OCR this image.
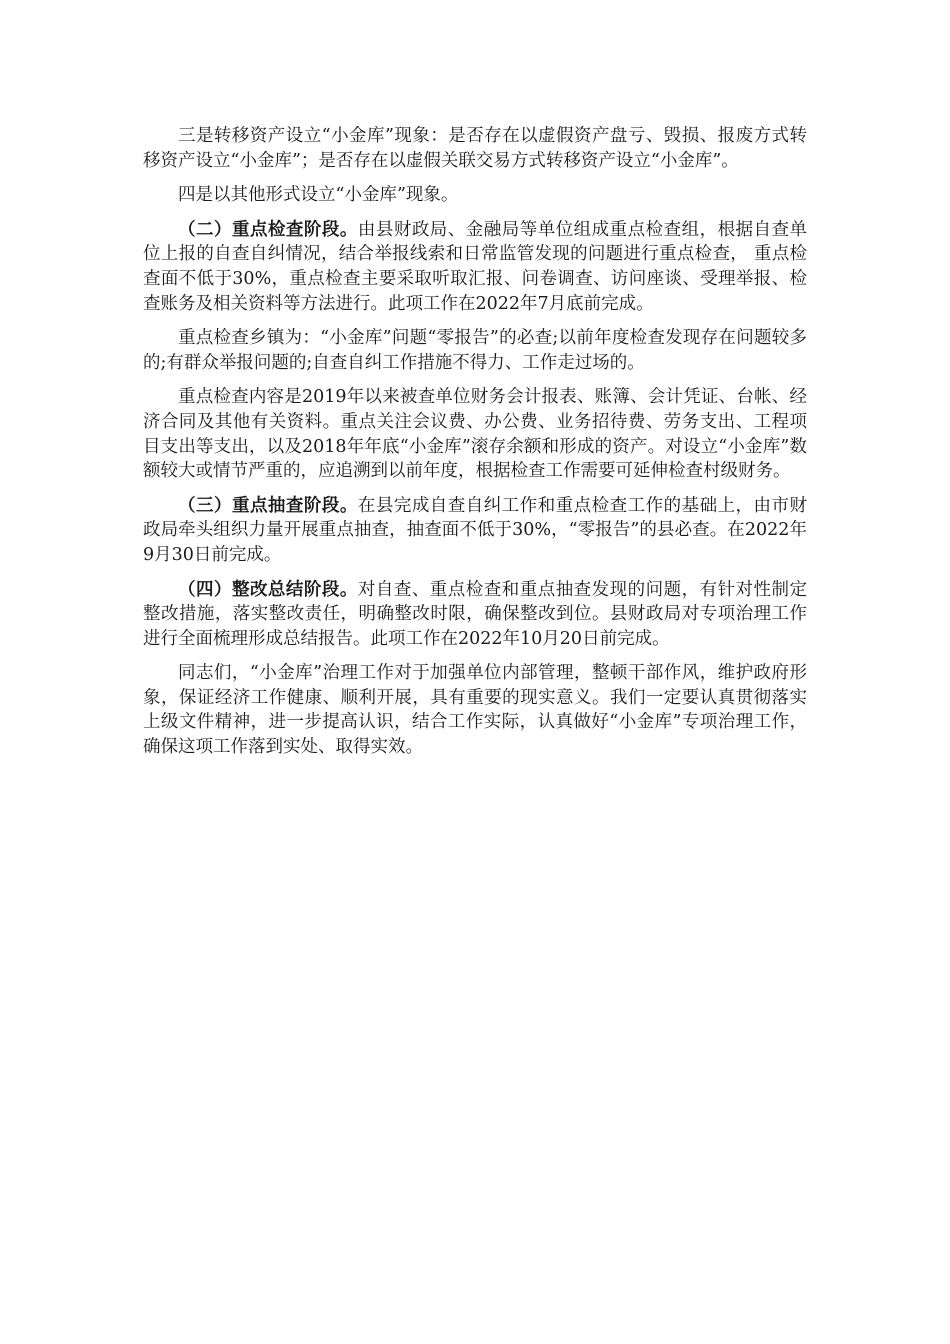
三是转移资产设立“小金库”现象：是否存在以虚假资产盘亏、毁损、报废方式转移资产设立“小金库”；是否存在以虚假关联交易方式转移资产设立“小金库”。

四是以其他形式设立“小金库”现象。

（二）重点检查阶段。由县财政局、金融局等单位组成重点检查组，根据自查单位上报的自查自纠情况，结合举报线索和日常监管发现的问题进行重点检查， 重点检查面不低于30%，重点检查主要采取听取汇报、问卷调查、访问座谈、受理举报、检查账务及相关资料等方法进行。此项工作在2022年7月底前完成。

重点检查乡镇为：“小金库”问题“零报告”的必查;以前年度检查发现存在问题较多的;有群众举报问题的;自查自纠工作措施不得力、工作走过场的。

重点检查内容是2019年以来被查单位财务会计报表、账簿、会计凭证、台帐、经济合同及其他有关资料。重点关注会议费、办公费、业务招待费、劳务支出、工程项目支出等支出，以及2018年年底“小金库”滚存余额和形成的资产。对设立“小金库”数额较大或情节严重的，应追溯到以前年度，根据检查工作需要可延伸检查村级财务。

（三）重点抽查阶段。在县完成自查自纠工作和重点检查工作的基础上，由市财政局牵头组织力量开展重点抽查，抽查面不低于30%，“零报告”的县必查。在2022年9月30日前完成。

（四）整改总结阶段。对自查、重点检查和重点抽查发现的问题，有针对性制定整改措施，落实整改责任，明确整改时限，确保整改到位。县财政局对专项治理工作进行全面梳理形成总结报告。此项工作在2022年10月20日前完成。

同志们，“小金库”治理工作对于加强单位内部管理，整顿干部作风，维护政府形象，保证经济工作健康、顺利开展，具有重要的现实意义。我们一定要认真贯彻落实上级文件精神，进一步提高认识，结合工作实际，认真做好“小金库”专项治理工作，确保这项工作落到实处、取得实效。
